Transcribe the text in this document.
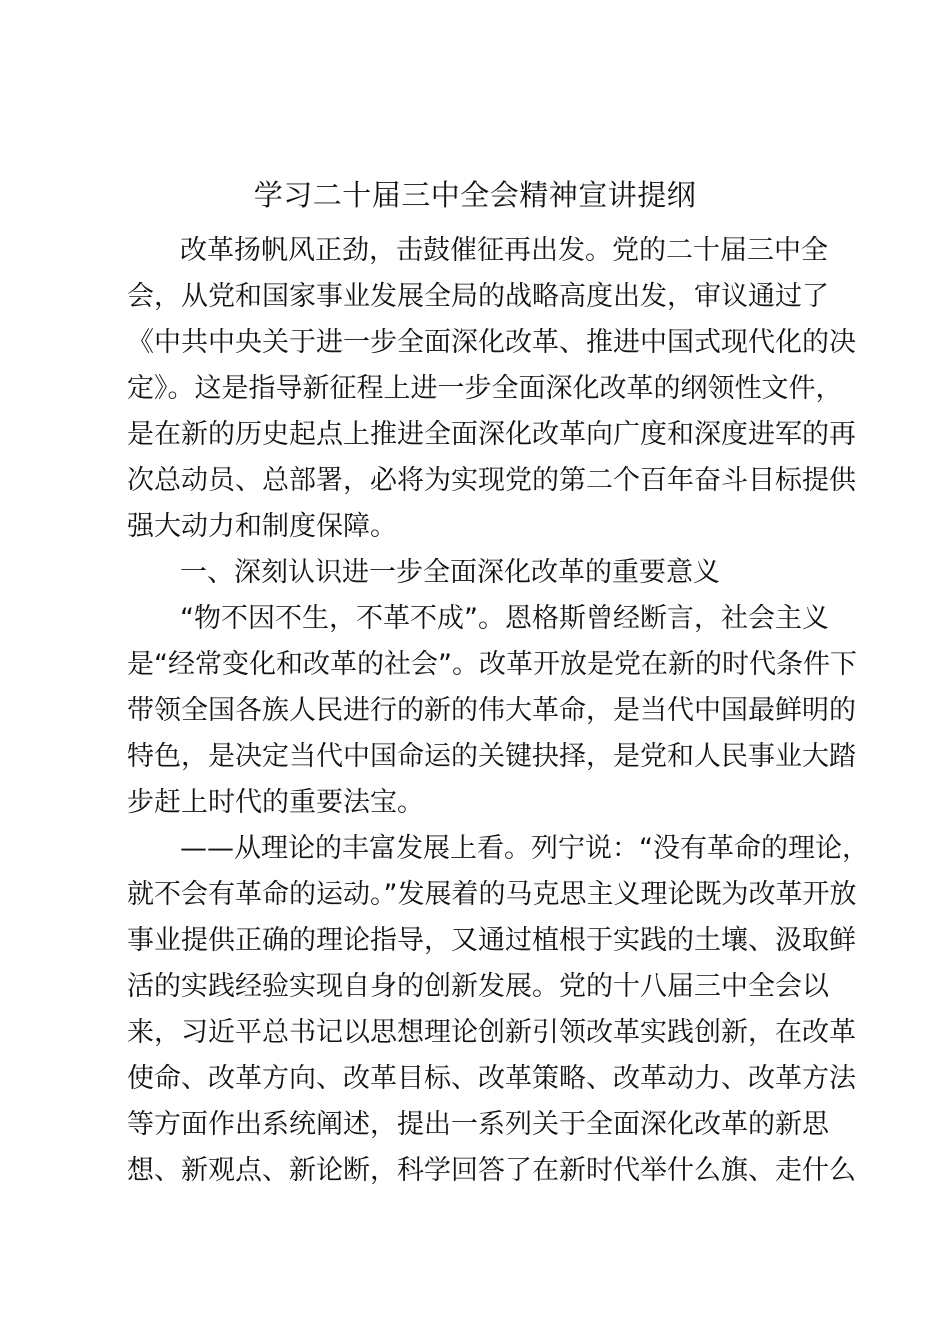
学习二十届三中全会精神宣讲提纲
改革扬帆风正劲，击鼓催征再出发。党的二十届三中全
会，从党和国家事业发展全局的战略高度出发，审议通过了
《中共中央关于进一步全面深化改革、推进中国式现代化的决
定》。这是指导新征程上进一步全面深化改革的纲领性文件，
是在新的历史起点上推进全面深化改革向广度和深度进军的再
次总动员、总部署，必将为实现党的第二个百年奋斗目标提供
强大动力和制度保障。
一、深刻认识进一步全面深化改革的重要意义
“物不因不生，不革不成”。恩格斯曾经断言，社会主义
是“经常变化和改革的社会”。改革开放是党在新的时代条件下
带领全国各族人民进行的新的伟大革命，是当代中国最鲜明的
特色，是决定当代中国命运的关键抉择，是党和人民事业大踏
步赶上时代的重要法宝。
——从理论的丰富发展上看。列宁说：“没有革命的理论，
就不会有革命的运动。”发展着的马克思主义理论既为改革开放
事业提供正确的理论指导，又通过植根于实践的土壤、汲取鲜
活的实践经验实现自身的创新发展。党的十八届三中全会以
来，习近平总书记以思想理论创新引领改革实践创新，在改革
使命、改革方向、改革目标、改革策略、改革动力、改革方法
等方面作出系统阐述，提出一系列关于全面深化改革的新思
想、新观点、新论断，科学回答了在新时代举什么旗、走什么
